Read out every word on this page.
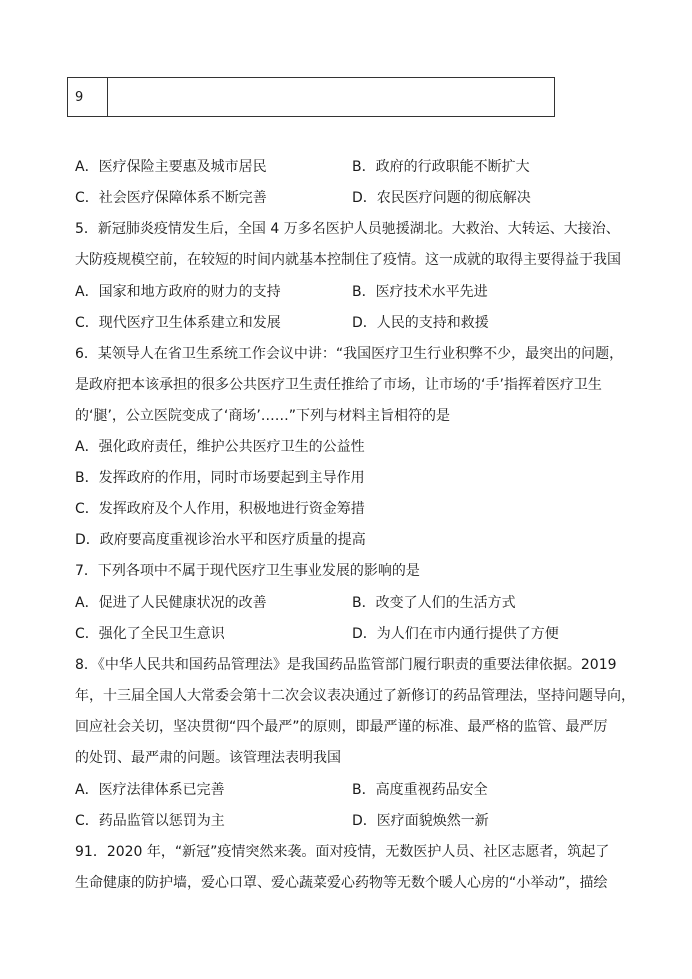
9
A．医疗保险主要惠及城市居民	B．政府的行政职能不断扩大
C．社会医疗保障体系不断完善	D．农民医疗问题的彻底解决
5．新冠肺炎疫情发生后，全国 4 万多名医护人员驰援湖北。大救治、大转运、大接治、
大防疫规模空前，在较短的时间内就基本控制住了疫情。这一成就的取得主要得益于我国
A．国家和地方政府的财力的支持	B．医疗技术水平先进
C．现代医疗卫生体系建立和发展	D．人民的支持和救援
6．某领导人在省卫生系统工作会议中讲：“我国医疗卫生行业积弊不少，最突出的问题，
是政府把本该承担的很多公共医疗卫生责任推给了市场，让市场的‘手’指挥着医疗卫生
的‘腿’，公立医院变成了‘商场’……”下列与材料主旨相符的是
A．强化政府责任，维护公共医疗卫生的公益性
B．发挥政府的作用，同时市场要起到主导作用
C．发挥政府及个人作用，积极地进行资金筹措
D．政府要高度重视诊治水平和医疗质量的提高
7．下列各项中不属于现代医疗卫生事业发展的影响的是
A．促进了人民健康状况的改善	B．改变了人们的生活方式
C．强化了全民卫生意识	D．为人们在市内通行提供了方便
8．《中华人民共和国药品管理法》是我国药品监管部门履行职责的重要法律依据。2019
年，十三届全国人大常委会第十二次会议表决通过了新修订的药品管理法，坚持问题导向，
回应社会关切，坚决贯彻“四个最严”的原则，即最严谨的标准、最严格的监管、最严厉
的处罚、最严肃的问题。该管理法表明我国
A．医疗法律体系已完善	B．高度重视药品安全
C．药品监管以惩罚为主	D．医疗面貌焕然一新
91．2020 年，“新冠”疫情突然来袭。面对疫情，无数医护人员、社区志愿者，筑起了
生命健康的防护墙，爱心口罩、爱心蔬菜爱心药物等无数个暖人心房的“小举动”，描绘
